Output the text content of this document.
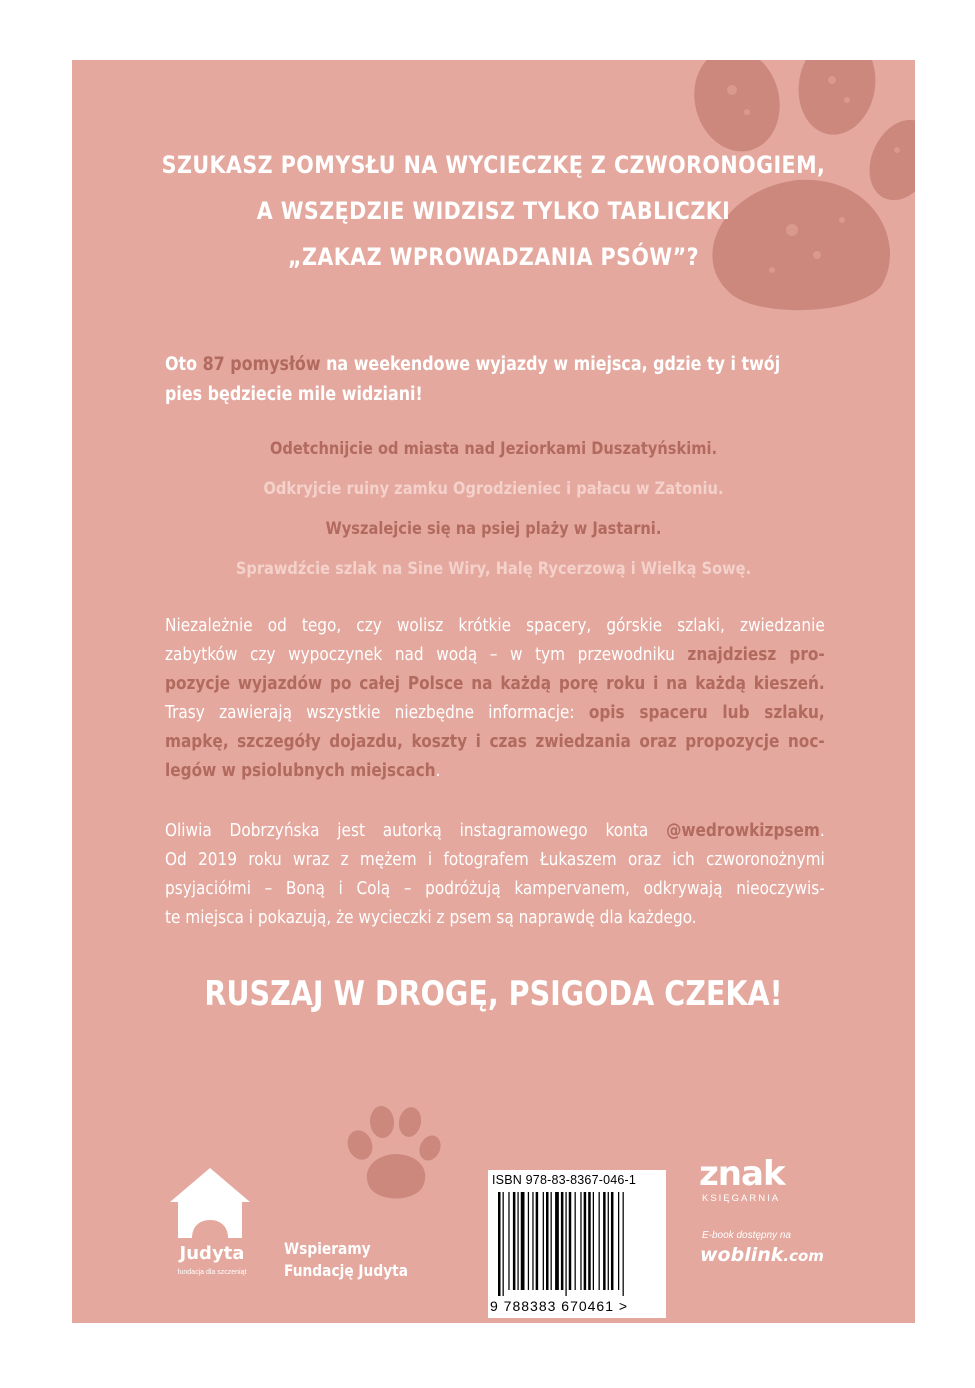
SZUKASZ POMYSŁU NA WYCIECZKĘ Z CZWORONOGIEM,
A WSZĘDZIE WIDZISZ TYLKO TABLICZKI
„ZAKAZ WPROWADZANIA PSÓW”?
Oto 87 pomysłów na weekendowe wyjazdy w miejsca, gdzie ty i twój
pies będziecie mile widziani!
Odetchnijcie od miasta nad Jeziorkami Duszatyńskimi.
Odkryjcie ruiny zamku Ogrodzieniec i pałacu w Zatoniu.
Wyszalejcie się na psiej plaży w Jastarni.
Sprawdźcie szlak na Sine Wiry, Halę Rycerzową i Wielką Sowę.
Niezależnie od tego, czy wolisz krótkie spacery, górskie szlaki, zwiedzanie
zabytków czy wypoczynek nad wodą – w tym przewodniku znajdziesz pro-
pozycje wyjazdów po całej Polsce na każdą porę roku i na każdą kieszeń.
Trasy zawierają wszystkie niezbędne informacje: opis spaceru lub szlaku,
mapkę, szczegóły dojazdu, koszty i czas zwiedzania oraz propozycje noc-
legów w psiolubnych miejscach.
Oliwia Dobrzyńska jest autorką instagramowego konta @wedrowkizpsem.
Od 2019 roku wraz z mężem i fotografem Łukaszem oraz ich czworonożnymi
psyjaciółmi – Boną i Colą – podróżują kampervanem, odkrywają nieoczywis-
te miejsca i pokazują, że wycieczki z psem są naprawdę dla każdego.
RUSZAJ W DROGĘ, PSIGODA CZEKA!
Judyta
fundacja dla szczeniąt
Wspieramy
Fundację Judyta
ISBN 978-83-8367-046-1
9 788383 670461 >
znak
KSIĘGARNIA
E-book dostępny na
woblink.com
